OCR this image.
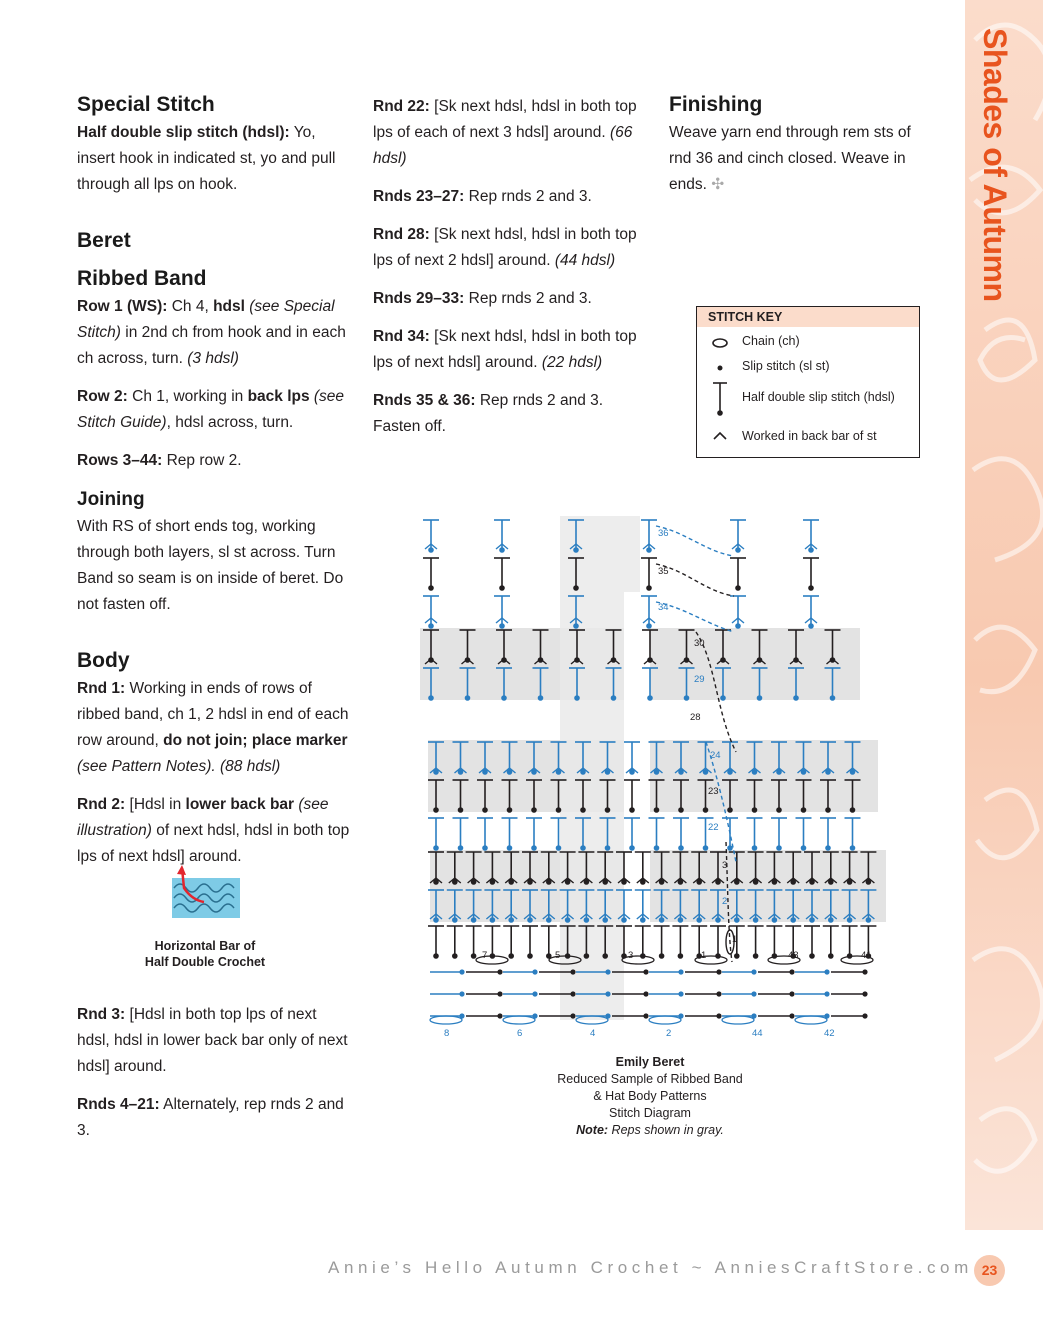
Shades of Autumn
Special Stitch
Half double slip stitch (hdsl): Yo, insert hook in indicated st, yo and pull through all lps on hook.
Beret
Ribbed Band
Row 1 (WS): Ch 4, hdsl (see Special Stitch) in 2nd ch from hook and in each ch across, turn. (3 hdsl)
Row 2: Ch 1, working in back lps (see Stitch Guide), hdsl across, turn.
Rows 3–44: Rep row 2.
Joining
With RS of short ends tog, working through both layers, sl st across. Turn Band so seam is on inside of beret. Do not fasten off.
Body
Rnd 1: Working in ends of rows of ribbed band, ch 1, 2 hdsl in end of each row around, do not join; place marker (see Pattern Notes). (88 hdsl)
Rnd 2: [Hdsl in lower back bar (see illustration) of next hdsl, hdsl in both top lps of next hdsl] around.
Horizontal Bar of
Half Double Crochet
Rnd 3: [Hdsl in both top lps of next hdsl, hdsl in lower back bar only of next hdsl] around.
Rnds 4–21: Alternately, rep rnds 2 and 3.
Rnd 22: [Sk next hdsl, hdsl in both top lps of each of next 3 hdsl] around. (66 hdsl)
Rnds 23–27: Rep rnds 2 and 3.
Rnd 28: [Sk next hdsl, hdsl in both top lps of next 2 hdsl] around. (44 hdsl)
Rnds 29–33: Rep rnds 2 and 3.
Rnd 34: [Sk next hdsl, hdsl in both top lps of next hdsl] around. (22 hdsl)
Rnds 35 & 36: Rep rnds 2 and 3. Fasten off.
Finishing
Weave yarn end through rem sts of rnd 36 and cinch closed. Weave in ends. ✣
STITCH KEY
Chain (ch)
Slip stitch (sl st)
Half double slip stitch (hdsl)
Worked in back bar of st
36
35
34
30
29
28
24
23
22
3
2
1
7	5	3	1	43	41
8	6	4	2	44	42
Emily Beret
Reduced Sample of Ribbed Band
& Hat Body Patterns
Stitch Diagram
Note: Reps shown in gray.
Annie’s Hello Autumn Crochet ~ AnniesCraftStore.com 23
